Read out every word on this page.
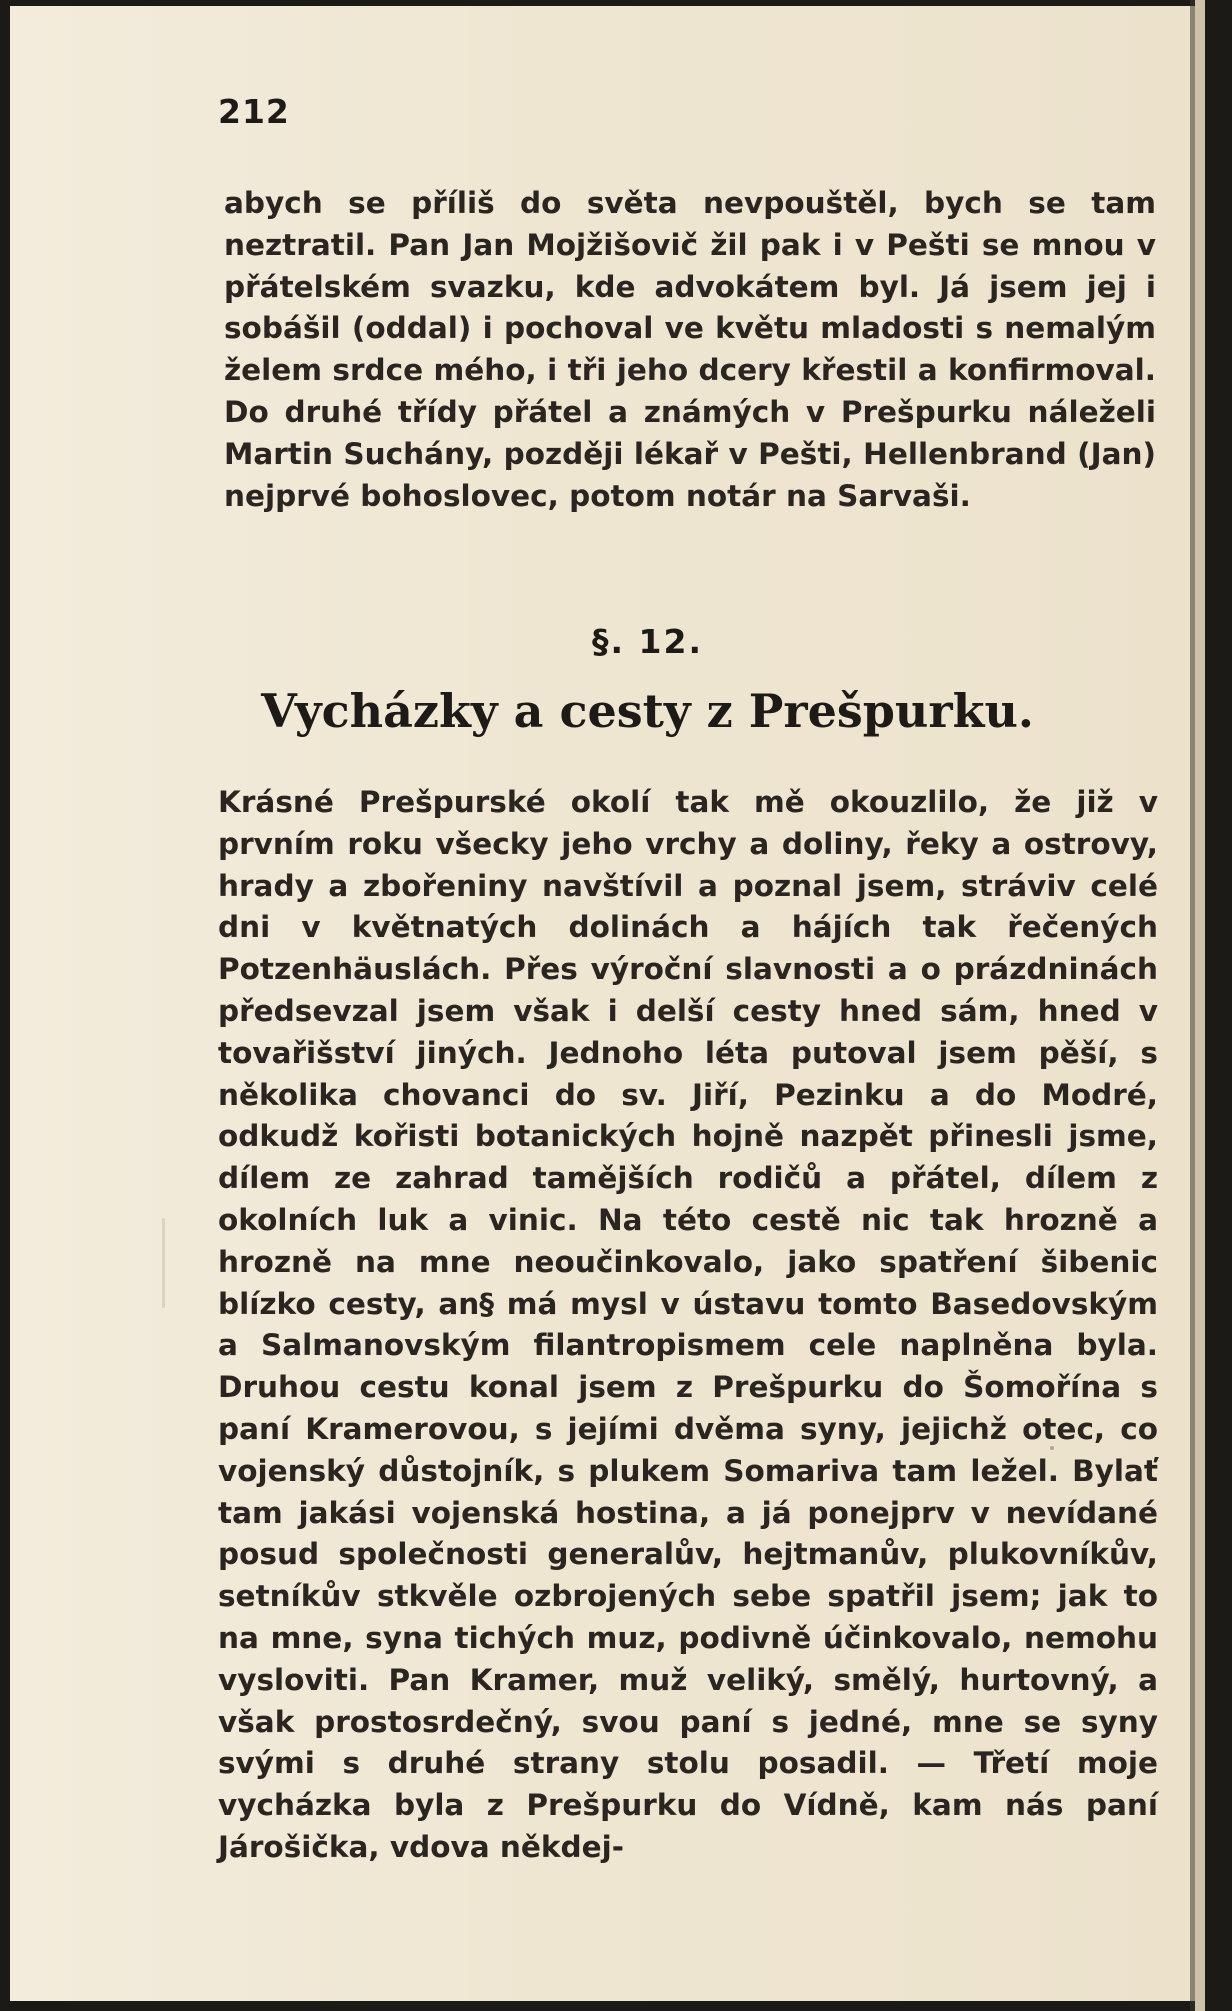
212

abych se příliš do světa nevpouštěl, bych se tam neztratil. Pan Jan Mojžišovič žil pak i v Pešti se mnou v přátelském svazku, kde advokátem byl. Já jsem jej i sobášil (oddal) i pochoval ve květu mladosti s nemalým želem srdce mého, i tři jeho dcery křestil a konfirmoval. Do druhé třídy přátel a známých v Prešpurku náleželi Martin Suchány, později lékař v Pešti, Hellenbrand (Jan) nejprvé bohoslovec, potom notár na Sarvaši.

§. 12.
Vycházky a cesty z Prešpurku.

Krásné Prešpurské okolí tak mě okouzlilo, že již v prvním roku všecky jeho vrchy a doliny, řeky a ostrovy, hrady a zbořeniny navštívil a poznal jsem, stráviv celé dni v květnatých dolinách a hájích tak řečených Potzenhäuslách. Přes výroční slavnosti a o prázdninách předsevzal jsem však i delší cesty hned sám, hned v tovařišství jiných. Jednoho léta putoval jsem pěší, s několika chovanci do sv. Jiří, Pezinku a do Modré, odkudž kořisti botanických hojně nazpět přinesli jsme, dílem ze zahrad tamějších rodičů a přátel, dílem z okolních luk a vinic. Na této cestě nic tak hrozně a hrozně na mne neoučinkovalo, jako spatření šibenic blízko cesty, an§ má mysl v ústavu tomto Basedovským a Salmanovským filantropismem cele naplněna byla. Druhou cestu konal jsem z Prešpurku do Šomořína s paní Kramerovou, s jejími dvěma syny, jejichž otec, co vojenský důstojník, s plukem Somariva tam ležel. Bylať tam jakási vojenská hostina, a já ponejprv v nevídané posud společnosti generalův, hejtmanův, plukovníkův, setníkův stkvěle ozbrojených sebe spatřil jsem; jak to na mne, syna tichých muz, podivně účinkovalo, nemohu vysloviti. Pan Kramer, muž veliký, smělý, hurtovný, a však prostosrdečný, svou paní s jedné, mne se syny svými s druhé strany stolu posadil. — Třetí moje vycházka byla z Prešpurku do Vídně, kam nás paní Járošička, vdova někdej-
